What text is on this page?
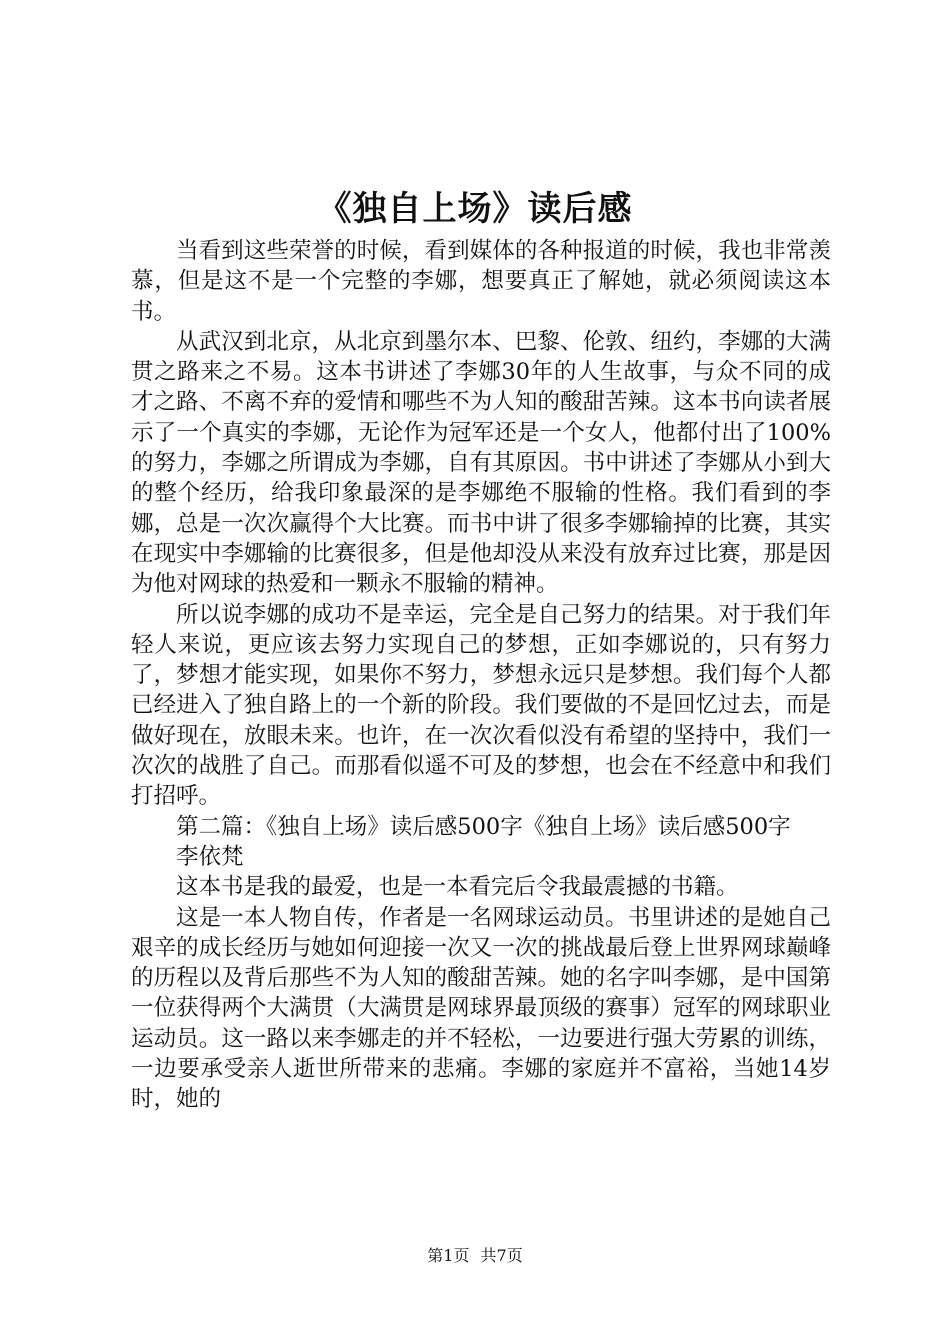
《独自上场》读后感

当看到这些荣誉的时候，看到媒体的各种报道的时候，我也非常羡慕，但是这不是一个完整的李娜，想要真正了解她，就必须阅读这本书。

从武汉到北京，从北京到墨尔本、巴黎、伦敦、纽约，李娜的大满贯之路来之不易。这本书讲述了李娜30年的人生故事，与众不同的成才之路、不离不弃的爱情和哪些不为人知的酸甜苦辣。这本书向读者展示了一个真实的李娜，无论作为冠军还是一个女人，他都付出了100%的努力，李娜之所谓成为李娜，自有其原因。书中讲述了李娜从小到大的整个经历，给我印象最深的是李娜绝不服输的性格。我们看到的李娜，总是一次次赢得个大比赛。而书中讲了很多李娜输掉的比赛，其实在现实中李娜输的比赛很多，但是他却没从来没有放弃过比赛，那是因为他对网球的热爱和一颗永不服输的精神。

所以说李娜的成功不是幸运，完全是自己努力的结果。对于我们年轻人来说，更应该去努力实现自己的梦想，正如李娜说的，只有努力了，梦想才能实现，如果你不努力，梦想永远只是梦想。我们每个人都已经进入了独自路上的一个新的阶段。我们要做的不是回忆过去，而是做好现在，放眼未来。也许，在一次次看似没有希望的坚持中，我们一次次的战胜了自己。而那看似遥不可及的梦想，也会在不经意中和我们打招呼。

第二篇：《独自上场》读后感500字《独自上场》读后感500字

李依梵

这本书是我的最爱，也是一本看完后令我最震撼的书籍。

这是一本人物自传，作者是一名网球运动员。书里讲述的是她自己艰辛的成长经历与她如何迎接一次又一次的挑战最后登上世界网球巅峰的历程以及背后那些不为人知的酸甜苦辣。她的名字叫李娜，是中国第一位获得两个大满贯（大满贯是网球界最顶级的赛事）冠军的网球职业运动员。这一路以来李娜走的并不轻松，一边要进行强大劳累的训练，一边要承受亲人逝世所带来的悲痛。李娜的家庭并不富裕，当她14岁时，她的

第1页 共7页
